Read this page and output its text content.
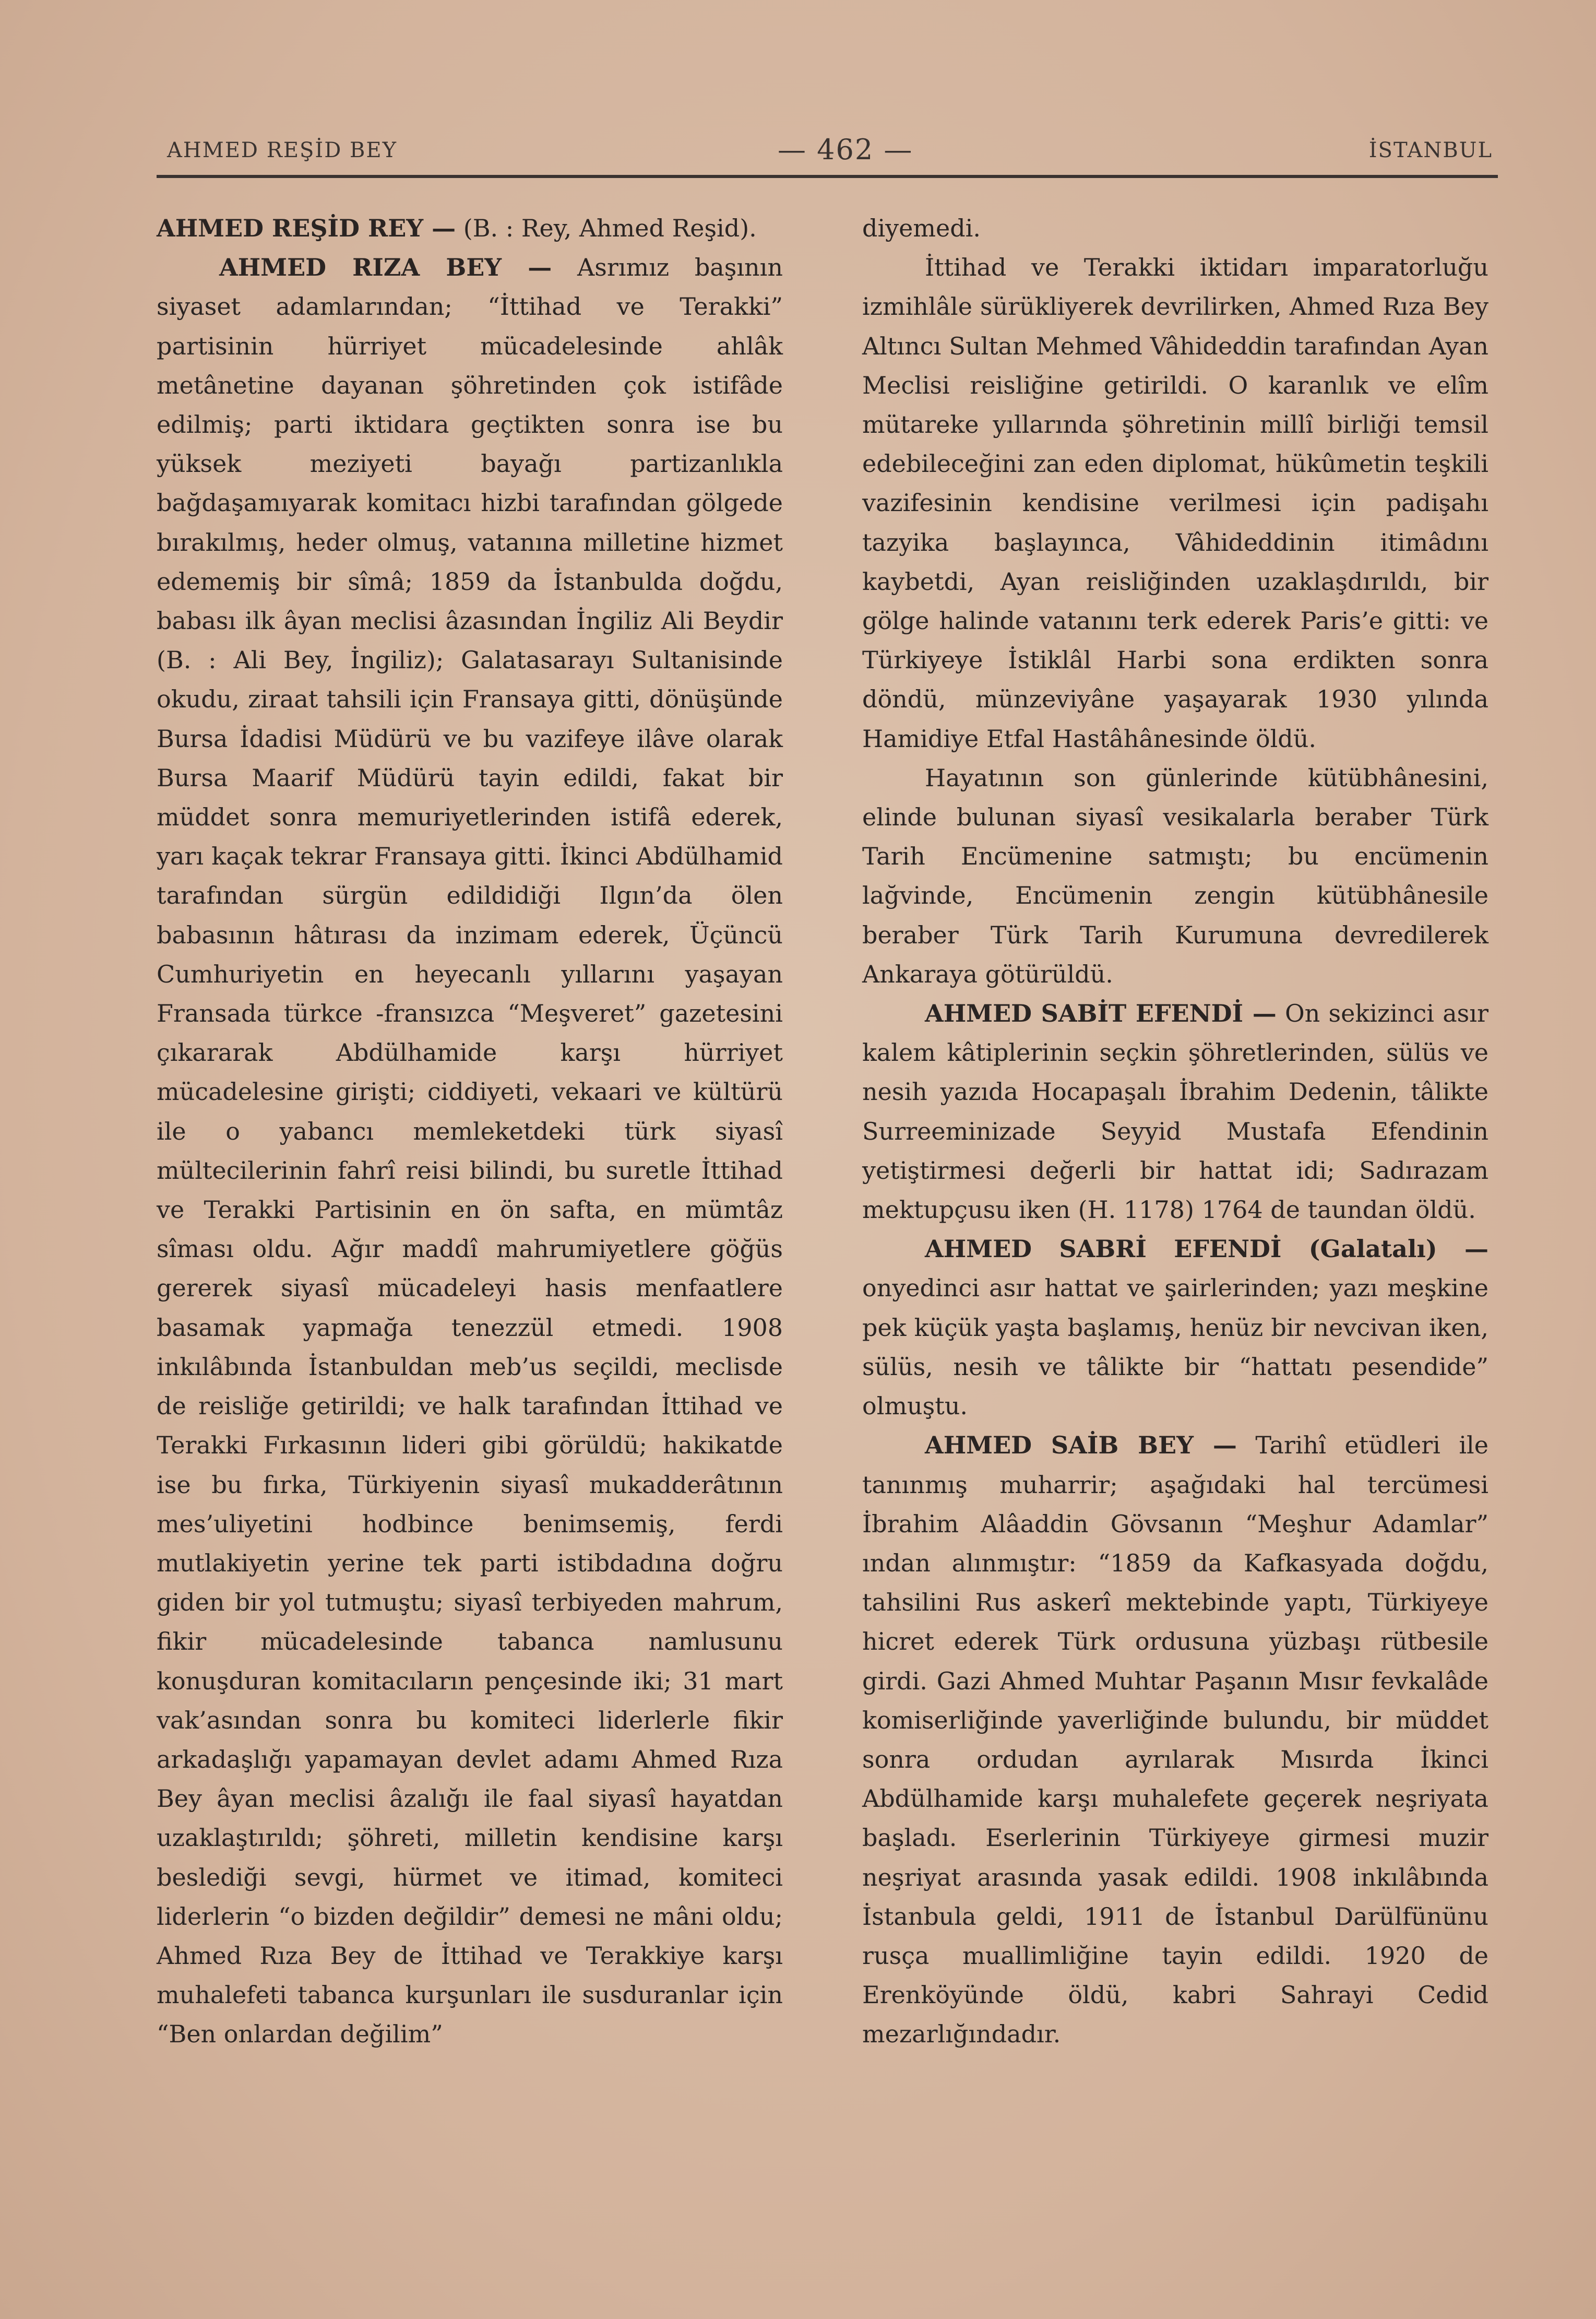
AHMED REŞİD BEY	— 462 —	İSTANBUL

AHMED REŞİD REY — (B. : Rey, Ahmed Reşid).

AHMED RIZA BEY — Asrımız başının siyaset adamlarından; “İttihad ve Terakki” partisinin hürriyet mücadelesinde ahlâk metânetine dayanan şöhretinden çok istifâde edilmiş; parti iktidara geçtikten sonra ise bu yüksek meziyeti bayağı partizanlıkla bağdaşamıyarak komitacı hizbi tarafından gölgede bırakılmış, heder olmuş, vatanına milletine hizmet edememiş bir sîmâ; 1859 da İstanbulda doğdu, babası ilk âyan meclisi âzasından İngiliz Ali Beydir (B. : Ali Bey, İngiliz); Galatasarayı Sultanisinde okudu, ziraat tahsili için Fransaya gitti, dönüşünde Bursa İdadisi Müdürü ve bu vazifeye ilâve olarak Bursa Maarif Müdürü tayin edildi, fakat bir müddet sonra memuriyetlerinden istifâ ederek, yarı kaçak tekrar Fransaya gitti. İkinci Abdülhamid tarafından sürgün edildidiği Ilgın’da ölen babasının hâtırası da inzimam ederek, Üçüncü Cumhuriyetin en heyecanlı yıllarını yaşayan Fransada türkce -fransızca “Meşveret” gazetesini çıkararak Abdülhamide karşı hürriyet mücadelesine girişti; ciddiyeti, vekaari ve kültürü ile o yabancı memleketdeki türk siyasî mültecilerinin fahrî reisi bilindi, bu suretle İttihad ve Terakki Partisinin en ön safta, en mümtâz sîması oldu. Ağır maddî mahrumiyetlere göğüs gererek siyasî mücadeleyi hasis menfaatlere basamak yapmağa tenezzül etmedi. 1908 inkılâbında İstanbuldan meb’us seçildi, meclisde de reisliğe getirildi; ve halk tarafından İttihad ve Terakki Fırkasının lideri gibi görüldü; hakikatde ise bu fırka, Türkiyenin siyasî mukadderâtının mes’uliyetini hodbince benimsemiş, ferdi mutlakiyetin yerine tek parti istibdadına doğru giden bir yol tutmuştu; siyasî terbiyeden mahrum, fikir mücadelesinde tabanca namlusunu konuşduran komitacıların pençesinde iki; 31 mart vak’asından sonra bu komiteci liderlerle fikir arkadaşlığı yapamayan devlet adamı Ahmed Rıza Bey âyan meclisi âzalığı ile faal siyasî hayatdan uzaklaştırıldı; şöhreti, milletin kendisine karşı beslediği sevgi, hürmet ve itimad, komiteci liderlerin “o bizden değildir” demesi ne mâni oldu; Ahmed Rıza Bey de İttihad ve Terakkiye karşı muhalefeti tabanca kurşunları ile susduranlar için “Ben onlardan değilim”

diyemedi.

İttihad ve Terakki iktidarı imparatorluğu izmihlâle sürükliyerek devrilirken, Ahmed Rıza Bey Altıncı Sultan Mehmed Vâhideddin tarafından Ayan Meclisi reisliğine getirildi. O karanlık ve elîm mütareke yıllarında şöhretinin millî birliği temsil edebileceğini zan eden diplomat, hükûmetin teşkili vazifesinin kendisine verilmesi için padişahı tazyika başlayınca, Vâhideddinin itimâdını kaybetdi, Ayan reisliğinden uzaklaşdırıldı, bir gölge halinde vatanını terk ederek Paris’e gitti: ve Türkiyeye İstiklâl Harbi sona erdikten sonra döndü, münzeviyâne yaşayarak 1930 yılında Hamidiye Etfal Hastâhânesinde öldü.

Hayatının son günlerinde kütübhânesini, elinde bulunan siyasî vesikalarla beraber Türk Tarih Encümenine satmıştı; bu encümenin lağvinde, Encümenin zengin kütübhânesile beraber Türk Tarih Kurumuna devredilerek Ankaraya götürüldü.

AHMED SABİT EFENDİ — On sekizinci asır kalem kâtiplerinin seçkin şöhretlerinden, sülüs ve nesih yazıda Hocapaşalı İbrahim Dedenin, tâlikte Surreeminizade Seyyid Mustafa Efendinin yetiştirmesi değerli bir hattat idi; Sadırazam mektupçusu iken (H. 1178) 1764 de taundan öldü.

AHMED SABRİ EFENDİ (Galatalı) — onyedinci asır hattat ve şairlerinden; yazı meşkine pek küçük yaşta başlamış, henüz bir nevcivan iken, sülüs, nesih ve tâlikte bir “hattatı pesendide” olmuştu.

AHMED SAİB BEY — Tarihî etüdleri ile tanınmış muharrir; aşağıdaki hal tercümesi İbrahim Alâaddin Gövsanın “Meşhur Adamlar” ından alınmıştır: “1859 da Kafkasyada doğdu, tahsilini Rus askerî mektebinde yaptı, Türkiyeye hicret ederek Türk ordusuna yüzbaşı rütbesile girdi. Gazi Ahmed Muhtar Paşanın Mısır fevkalâde komiserliğinde yaverliğinde bulundu, bir müddet sonra ordudan ayrılarak Mısırda İkinci Abdülhamide karşı muhalefete geçerek neşriyata başladı. Eserlerinin Türkiyeye girmesi muzir neşriyat arasında yasak edildi. 1908 inkılâbında İstanbula geldi, 1911 de İstanbul Darülfününu rusça muallimliğine tayin edildi. 1920 de Erenköyünde öldü, kabri Sahrayi Cedid mezarlığındadır.
